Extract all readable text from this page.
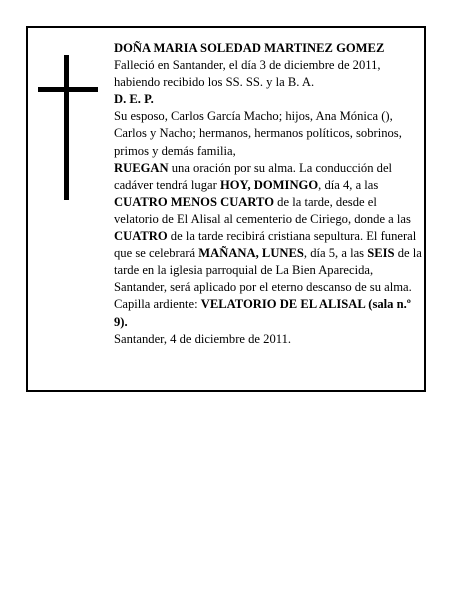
DOÑA MARIA SOLEDAD MARTINEZ GOMEZ

Falleció en Santander, el día 3 de diciembre de 2011, habiendo recibido los SS. SS. y la B. A.

D. E. P.

Su esposo, Carlos García Macho; hijos, Ana Mónica (), Carlos y Nacho; hermanos, hermanos políticos, sobrinos, primos y demás familia,

RUEGAN una oración por su alma. La conducción del cadáver tendrá lugar HOY, DOMINGO, día 4, a las CUATRO MENOS CUARTO de la tarde, desde el velatorio de El Alisal al cementerio de Ciriego, donde a las CUATRO de la tarde recibirá cristiana sepultura. El funeral que se celebrará MAÑANA, LUNES, día 5, a las SEIS de la tarde en la iglesia parroquial de La Bien Aparecida, Santander, será aplicado por el eterno descanso de su alma. Capilla ardiente: VELATORIO DE EL ALISAL (sala n.º 9).

Santander, 4 de diciembre de 2011.
